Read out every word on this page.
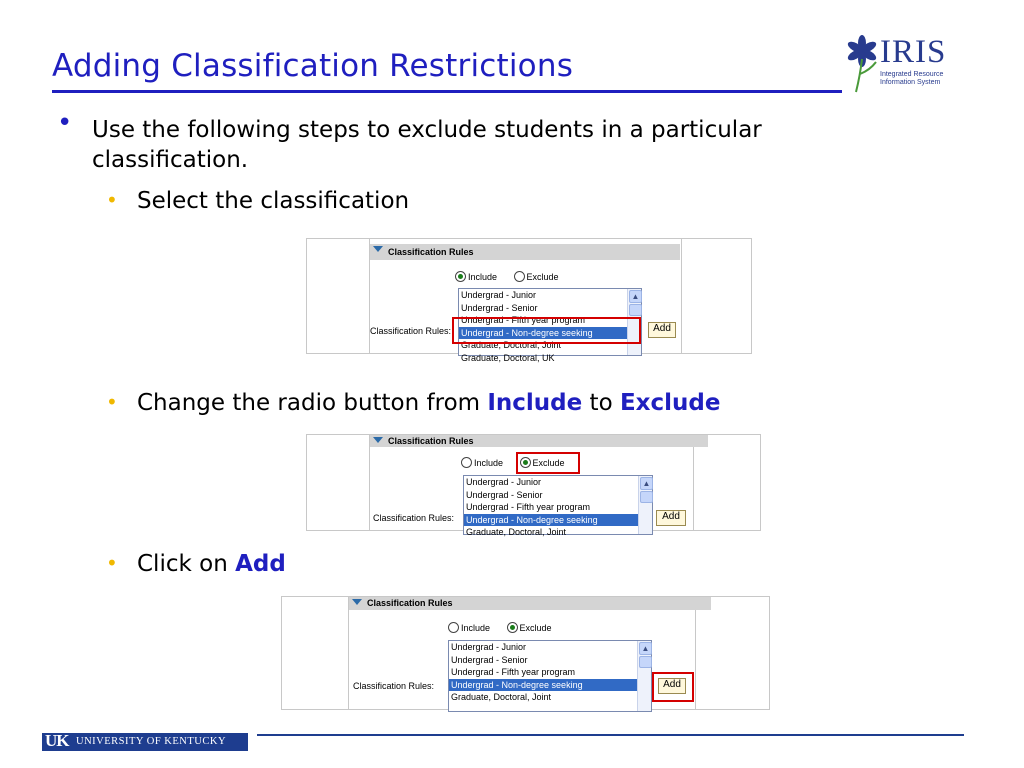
Adding Classification Restrictions	IRIS
Integrated Resource
Information System
• Use the following steps to exclude students in a particular classification.
• Select the classification
Classification Rules
Include	Exclude
Classification Rules:
Undergrad - Junior
Undergrad - Senior
Undergrad - Fifth year program
Undergrad - Non-degree seeking
Graduate, Doctoral, Joint
Graduate, Doctoral, UK
▲
Add
• Change the radio button from Include to Exclude
Classification Rules
Include	Exclude
Classification Rules:
Undergrad - Junior
Undergrad - Senior
Undergrad - Fifth year program
Undergrad - Non-degree seeking
Graduate, Doctoral, Joint
▲
Add
• Click on Add
Classification Rules
Include	Exclude
Classification Rules:
Undergrad - Junior
Undergrad - Senior
Undergrad - Fifth year program
Undergrad - Non-degree seeking
Graduate, Doctoral, Joint
▲
Add
UK UNIVERSITY OF KENTUCKY
